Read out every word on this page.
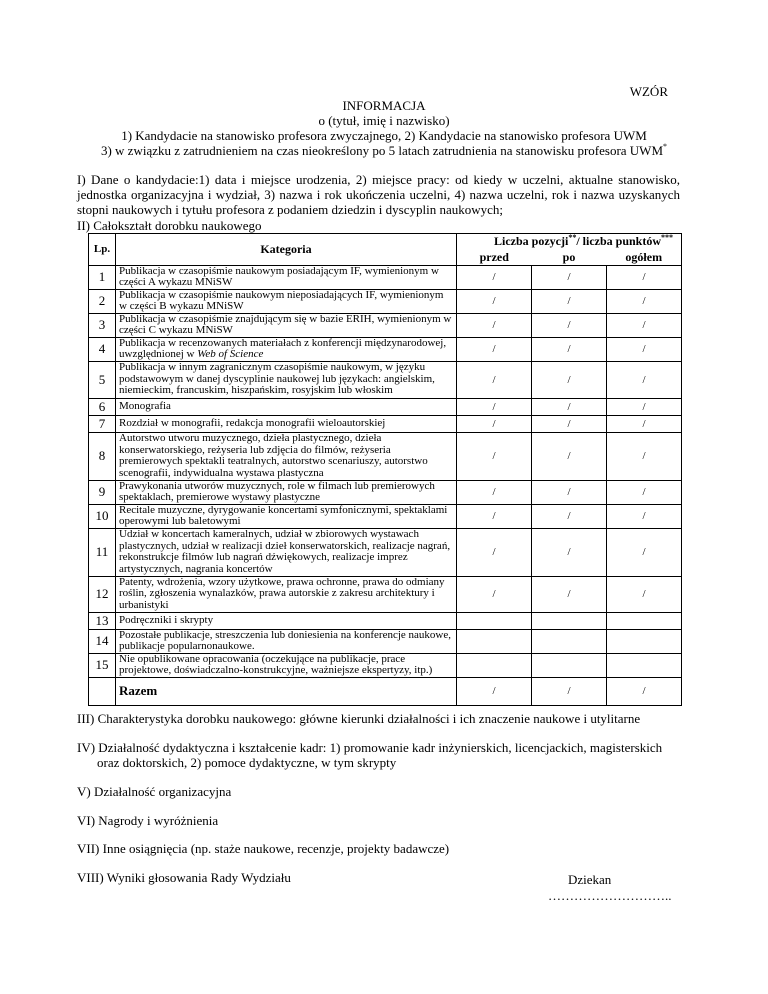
WZÓR
INFORMACJA
o (tytuł, imię i nazwisko)
1) Kandydacie na stanowisko profesora zwyczajnego, 2) Kandydacie na stanowisko profesora UWM
3) w związku z zatrudnieniem na czas nieokreślony po 5 latach zatrudnienia na stanowisku profesora UWM*
I) Dane o kandydacie:1) data i miejsce urodzenia, 2) miejsce pracy: od kiedy w uczelni, aktualne stanowisko, jednostka organizacyjna i wydział, 3) nazwa i rok ukończenia uczelni, 4) nazwa uczelni, rok i nazwa uzyskanych stopni naukowych i tytułu profesora z podaniem dziedzin i dyscyplin naukowych;
II) Całokształt dorobku naukowego
Lp.	Kategoria	Liczba pozycji**/ liczba punktów***
		przed	po	ogółem
1	Publikacja w czasopiśmie naukowym posiadającym IF, wymienionym w części A wykazu MNiSW	/	/	/
2	Publikacja w czasopiśmie naukowym nieposiadających IF, wymienionym w części B wykazu MNiSW	/	/	/
3	Publikacja w czasopiśmie znajdującym się w bazie ERIH, wymienionym w części C wykazu MNiSW	/	/	/
4	Publikacja w recenzowanych materiałach z konferencji międzynarodowej, uwzględnionej w Web of Science	/	/	/
5	Publikacja w innym zagranicznym czasopiśmie naukowym, w języku podstawowym w danej dyscyplinie naukowej lub językach: angielskim, niemieckim, francuskim, hiszpańskim, rosyjskim lub włoskim	/	/	/
6	Monografia	/	/	/
7	Rozdział w monografii, redakcja monografii wieloautorskiej	/	/	/
8	Autorstwo utworu muzycznego, dzieła plastycznego, dzieła konserwatorskiego, reżyseria lub zdjęcia do filmów, reżyseria premierowych spektakli teatralnych, autorstwo scenariuszy, autorstwo scenografii, indywidualna wystawa plastyczna	/	/	/
9	Prawykonania utworów muzycznych, role w filmach lub premierowych spektaklach, premierowe wystawy plastyczne	/	/	/
10	Recitale muzyczne, dyrygowanie koncertami symfonicznymi, spektaklami operowymi lub baletowymi	/	/	/
11	Udział w koncertach kameralnych, udział w zbiorowych wystawach plastycznych, udział w realizacji dzieł konserwatorskich, realizacje nagrań, rekonstrukcje filmów lub nagrań dźwiękowych, realizacje imprez artystycznych, nagrania koncertów	/	/	/
12	Patenty, wdrożenia, wzory użytkowe, prawa ochronne, prawa do odmiany roślin, zgłoszenia wynalazków, prawa autorskie z zakresu architektury i urbanistyki	/	/	/
13	Podręczniki i skrypty			
14	Pozostałe publikacje, streszczenia lub doniesienia na konferencje naukowe, publikacje popularnonaukowe.			
15	Nie opublikowane opracowania (oczekujące na publikacje, prace projektowe, doświadczalno-konstrukcyjne, ważniejsze ekspertyzy, itp.)			
	Razem	/	/	/
III) Charakterystyka dorobku naukowego: główne kierunki działalności i ich znaczenie naukowe i utylitarne
IV) Działalność dydaktyczna i kształcenie kadr: 1) promowanie kadr inżynierskich, licencjackich, magisterskich
oraz doktorskich, 2) pomoce dydaktyczne, w tym skrypty
V) Działalność organizacyjna
VI) Nagrody i wyróżnienia
VII) Inne osiągnięcia (np. staże naukowe, recenzje, projekty badawcze)
VIII) Wyniki głosowania Rady Wydziału	Dziekan
………………………..
